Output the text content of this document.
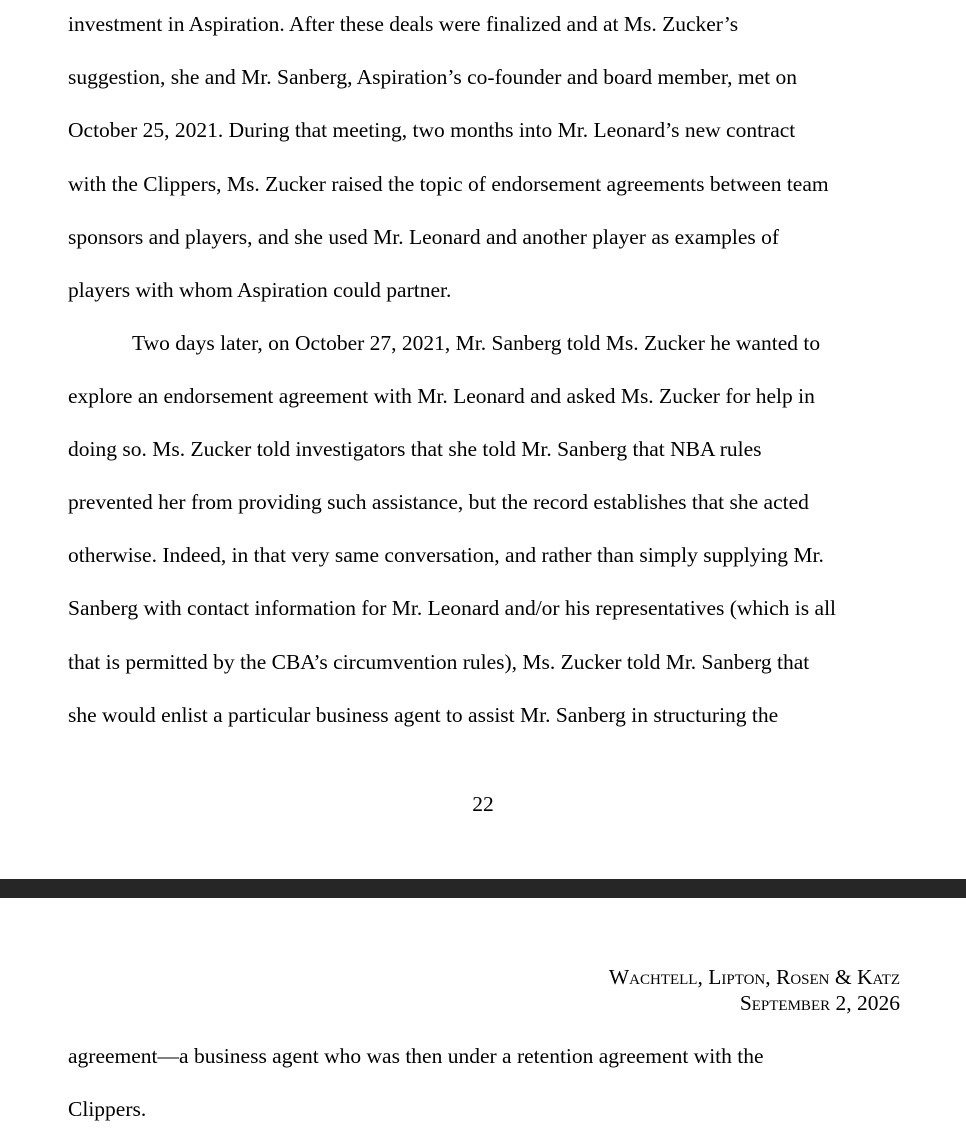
investment in Aspiration. After these deals were finalized and at Ms. Zucker’s

suggestion, she and Mr. Sanberg, Aspiration’s co-founder and board member, met on

October 25, 2021. During that meeting, two months into Mr. Leonard’s new contract

with the Clippers, Ms. Zucker raised the topic of endorsement agreements between team

sponsors and players, and she used Mr. Leonard and another player as examples of

players with whom Aspiration could partner.

Two days later, on October 27, 2021, Mr. Sanberg told Ms. Zucker he wanted to

explore an endorsement agreement with Mr. Leonard and asked Ms. Zucker for help in

doing so. Ms. Zucker told investigators that she told Mr. Sanberg that NBA rules

prevented her from providing such assistance, but the record establishes that she acted

otherwise. Indeed, in that very same conversation, and rather than simply supplying Mr.

Sanberg with contact information for Mr. Leonard and/or his representatives (which is all

that is permitted by the CBA’s circumvention rules), Ms. Zucker told Mr. Sanberg that

she would enlist a particular business agent to assist Mr. Sanberg in structuring the

22
Wachtell, Lipton, Rosen & Katz
September 2, 2026

agreement—a business agent who was then under a retention agreement with the

Clippers.
